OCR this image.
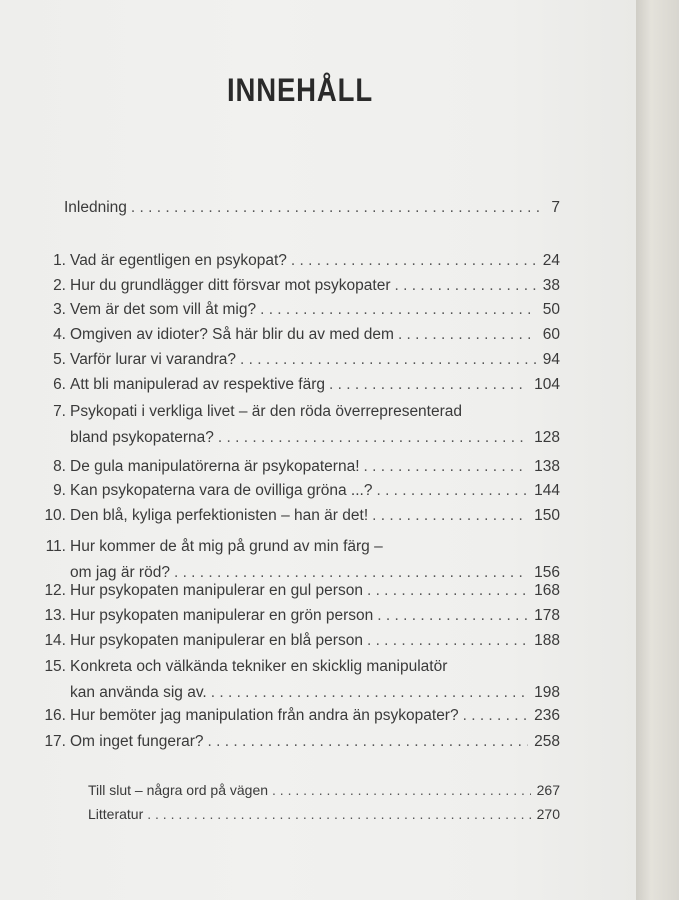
INNEHÅLL
Inledning . . .	7
1. Vad är egentligen en psykopat? . . .	24
2. Hur du grundlägger ditt försvar mot psykopater . . .	38
3. Vem är det som vill åt mig? . . .	50
4. Omgiven av idioter? Så här blir du av med dem . . .	60
5. Varför lurar vi varandra? . . .	94
6. Att bli manipulerad av respektive färg . . .	104
7. Psykopati i verkliga livet – är den röda överrepresenterad
bland psykopaterna? . . .	128
8. De gula manipulatörerna är psykopaterna! . . .	138
9. Kan psykopaterna vara de ovilliga gröna ...? . . .	144
10. Den blå, kyliga perfektionisten – han är det! . . .	150
11. Hur kommer de åt mig på grund av min färg –
om jag är röd? . . .	156
12. Hur psykopaten manipulerar en gul person . . .	168
13. Hur psykopaten manipulerar en grön person . . .	178
14. Hur psykopaten manipulerar en blå person . . .	188
15. Konkreta och välkända tekniker en skicklig manipulatör
kan använda sig av. . . .	198
16. Hur bemöter jag manipulation från andra än psykopater? . . .	236
17. Om inget fungerar? . . .	258
Till slut – några ord på vägen . . .	267
Litteratur . . .	270
